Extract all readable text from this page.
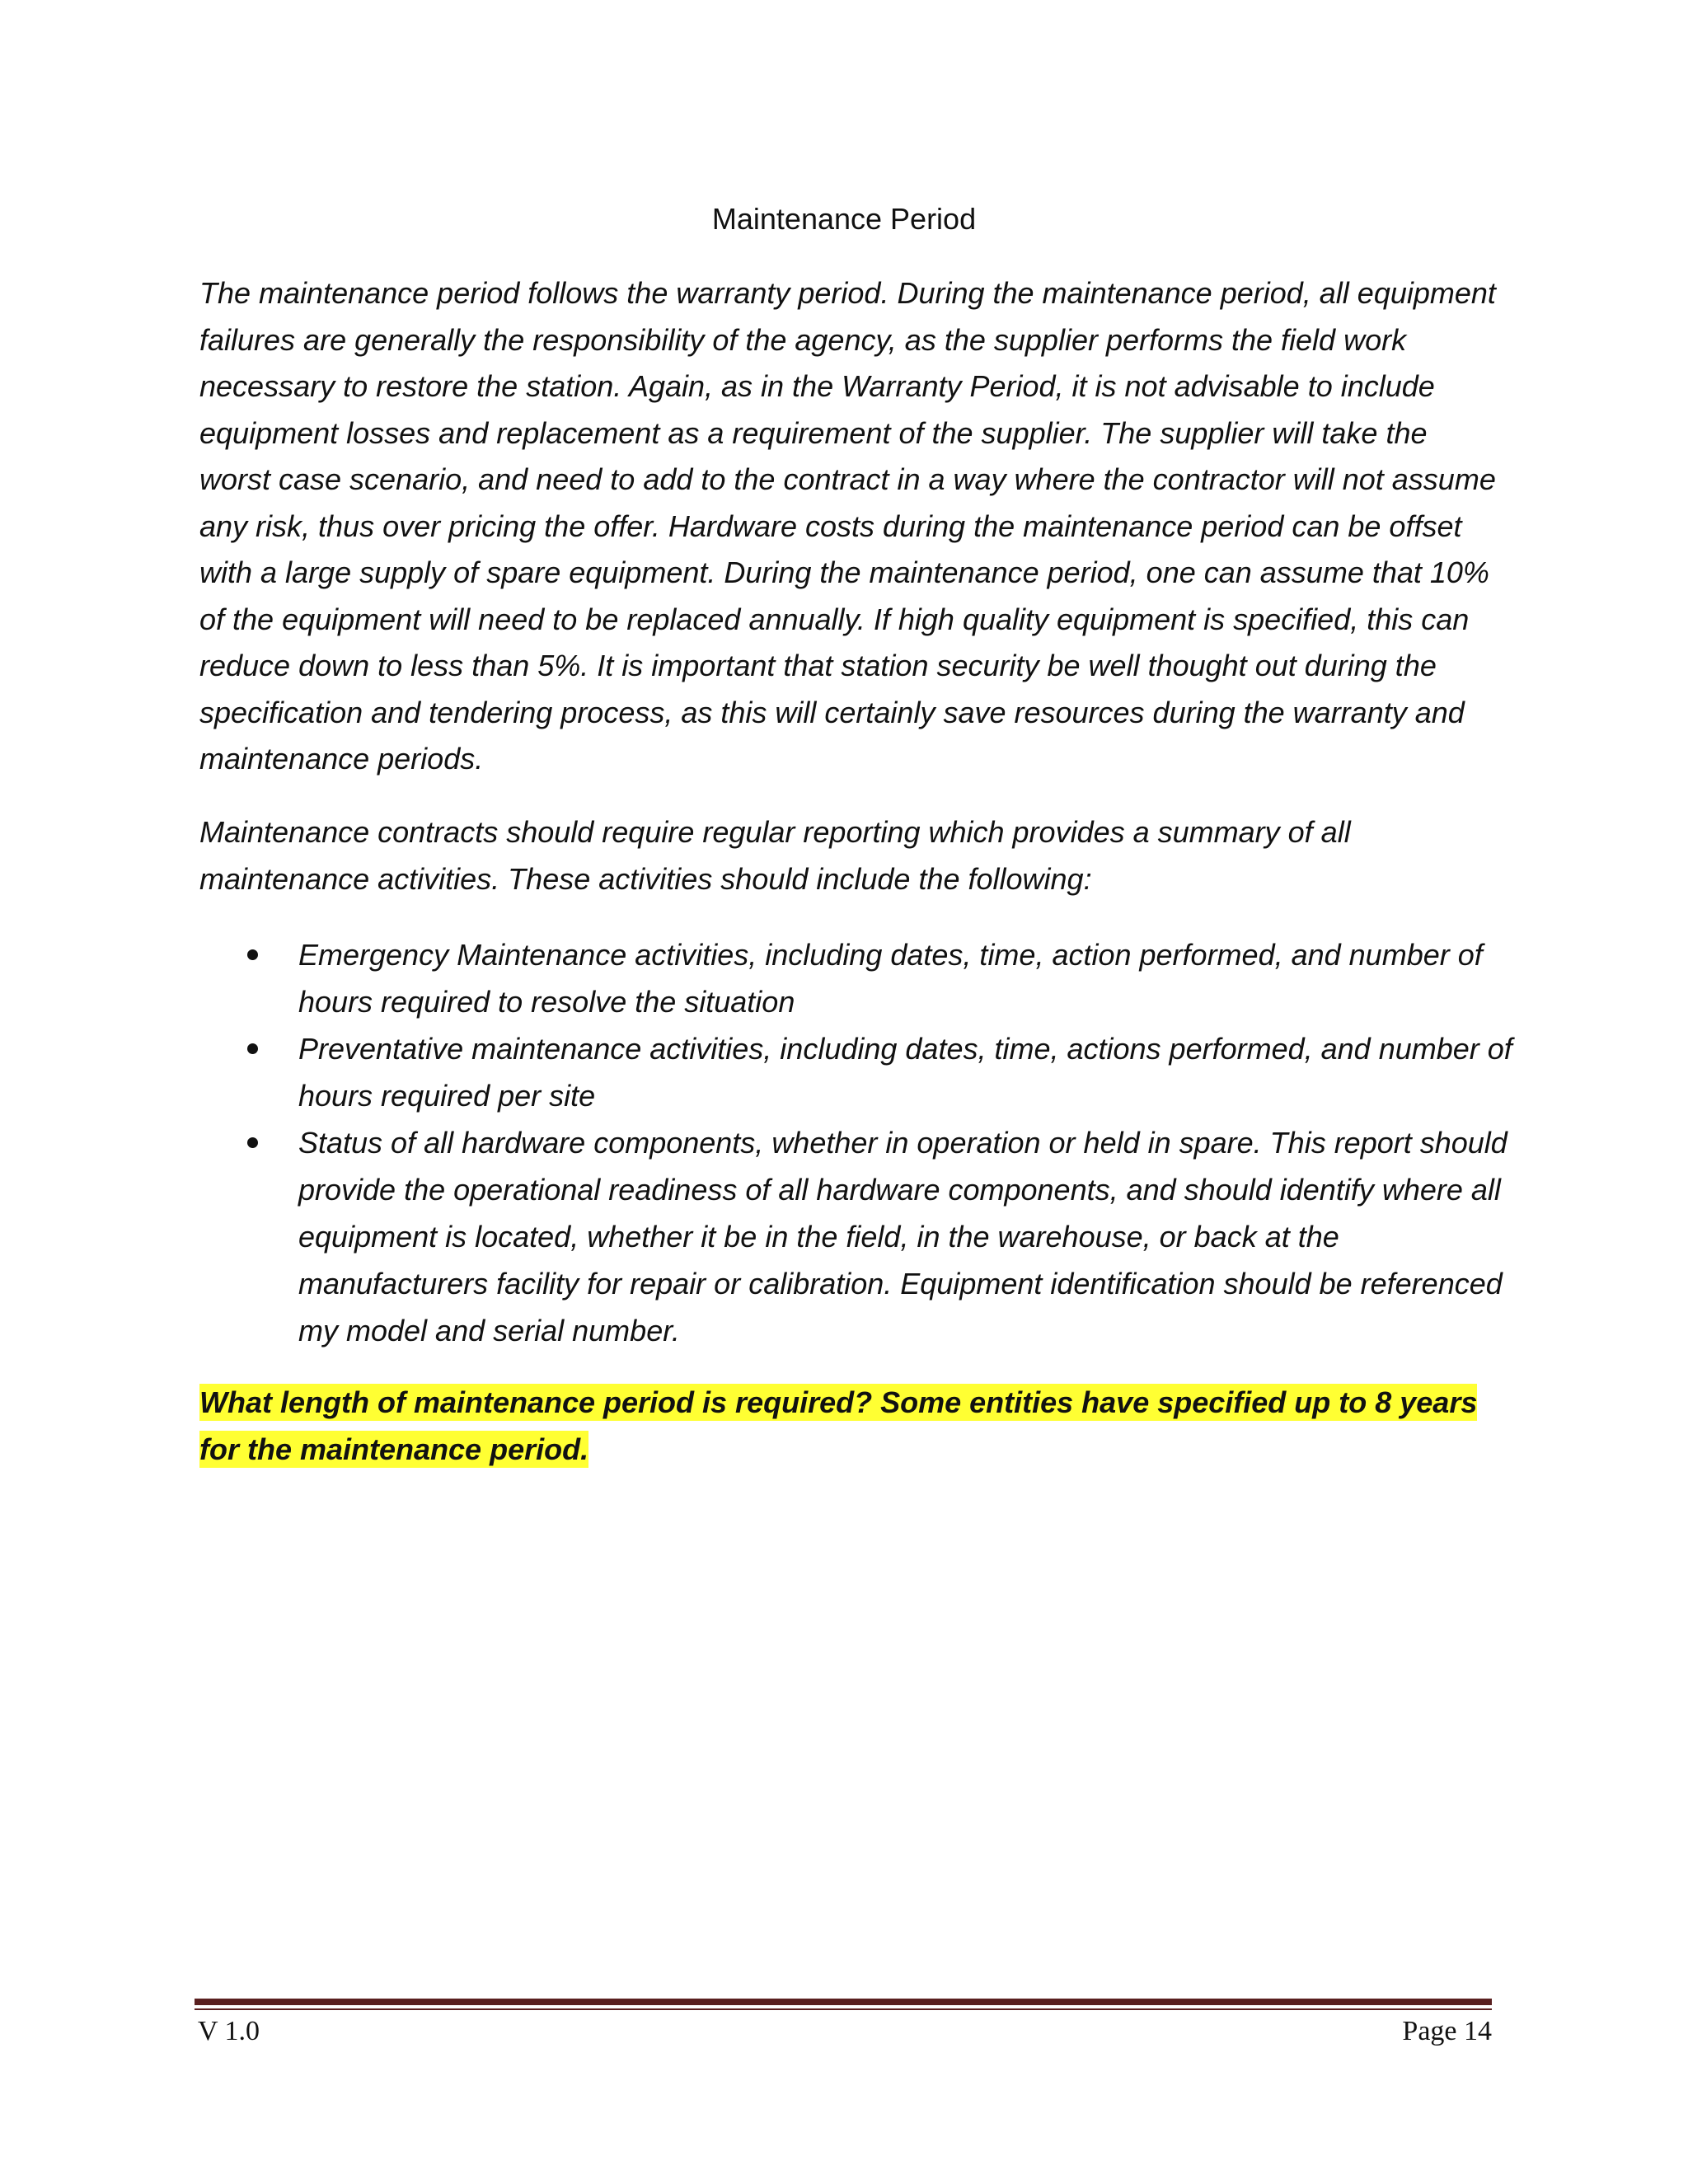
Maintenance Period

The maintenance period follows the warranty period. During the maintenance period, all equipment failures are generally the responsibility of the agency, as the supplier performs the field work necessary to restore the station. Again, as in the Warranty Period, it is not advisable to include equipment losses and replacement as a requirement of the supplier. The supplier will take the worst case scenario, and need to add to the contract in a way where the contractor will not assume any risk, thus over pricing the offer. Hardware costs during the maintenance period can be offset with a large supply of spare equipment. During the maintenance period, one can assume that 10% of the equipment will need to be replaced annually. If high quality equipment is specified, this can reduce down to less than 5%. It is important that station security be well thought out during the specification and tendering process, as this will certainly save resources during the warranty and maintenance periods.

Maintenance contracts should require regular reporting which provides a summary of all maintenance activities. These activities should include the following:

Emergency Maintenance activities, including dates, time, action performed, and number of hours required to resolve the situation
Preventative maintenance activities, including dates, time, actions performed, and number of hours required per site
Status of all hardware components, whether in operation or held in spare. This report should provide the operational readiness of all hardware components, and should identify where all equipment is located, whether it be in the field, in the warehouse, or back at the manufacturers facility for repair or calibration. Equipment identification should be referenced my model and serial number.

What length of maintenance period is required? Some entities have specified up to 8 years for the maintenance period.

V 1.0	Page 14
